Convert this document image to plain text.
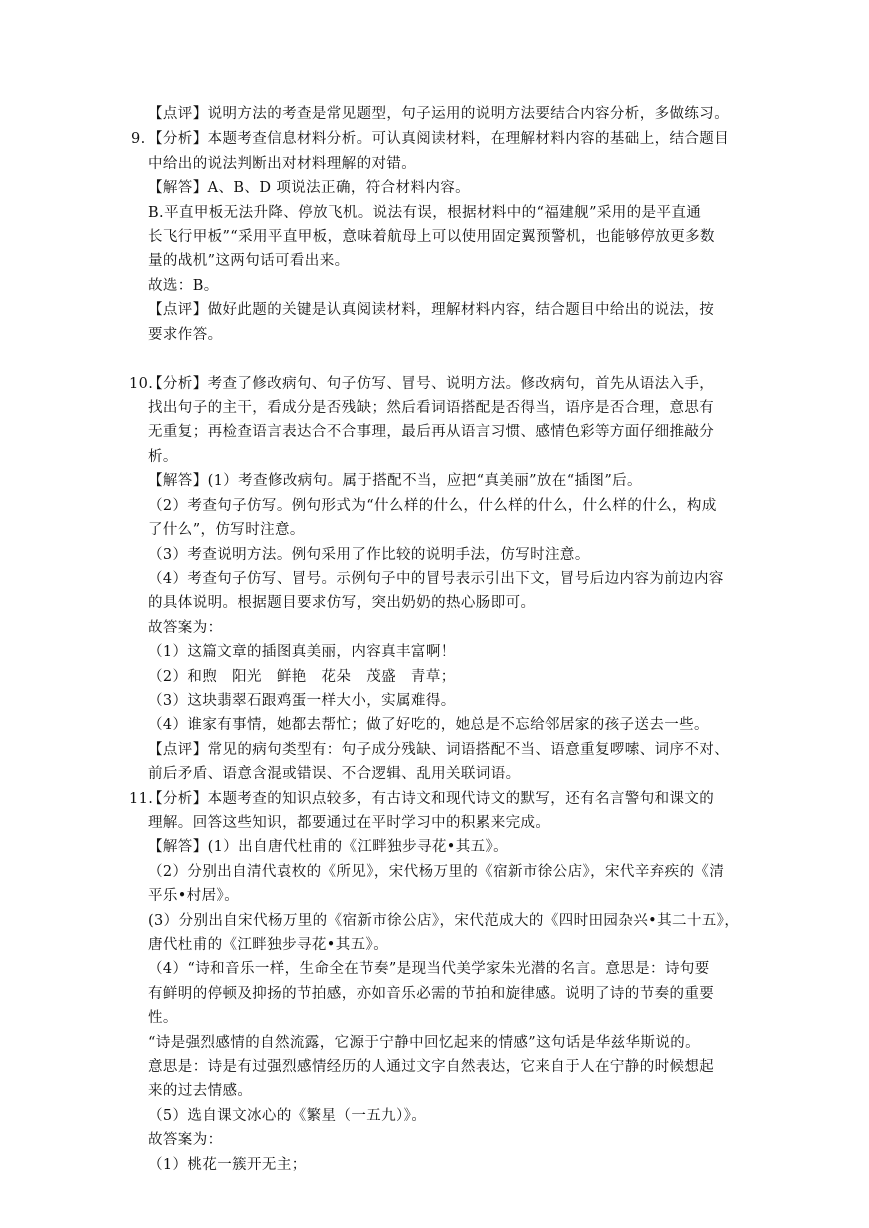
【点评】说明方法的考查是常见题型，句子运用的说明方法要结合内容分析，多做练习。
9. 【分析】本题考查信息材料分析。可认真阅读材料，在理解材料内容的基础上，结合题目
中给出的说法判断出对材料理解的对错。
【解答】A、B、D 项说法正确，符合材料内容。
B.平直甲板无法升降、停放飞机。说法有误，根据材料中的“福建舰”采用的是平直通
长飞行甲板”“采用平直甲板，意味着航母上可以使用固定翼预警机，也能够停放更多数
量的战机”这两句话可看出来。
故选：B。
【点评】做好此题的关键是认真阅读材料，理解材料内容，结合题目中给出的说法，按
要求作答。
10.
【分析】考查了修改病句、句子仿写、冒号、说明方法。修改病句，首先从语法入手，
找出句子的主干，看成分是否残缺；然后看词语搭配是否得当，语序是否合理，意思有
无重复；再检查语言表达合不合事理，最后再从语言习惯、感情色彩等方面仔细推敲分
析。
【解答】(1）考查修改病句。属于搭配不当，应把“真美丽”放在“插图”后。
（2）考查句子仿写。例句形式为“什么样的什么，什么样的什么，什么样的什么，构成
了什么”，仿写时注意。
（3）考查说明方法。例句采用了作比较的说明手法，仿写时注意。
（4）考查句子仿写、冒号。示例句子中的冒号表示引出下文，冒号后边内容为前边内容
的具体说明。根据题目要求仿写，突出奶奶的热心肠即可。
故答案为：
（1）这篇文章的插图真美丽，内容真丰富啊！
（2）和煦　阳光　鲜艳　花朵　茂盛　青草；
（3）这块翡翠石跟鸡蛋一样大小，实属难得。
（4）谁家有事情，她都去帮忙；做了好吃的，她总是不忘给邻居家的孩子送去一些。
【点评】常见的病句类型有：句子成分残缺、词语搭配不当、语意重复啰嗦、词序不对、
前后矛盾、语意含混或错误、不合逻辑、乱用关联词语。
11.
【分析】本题考查的知识点较多，有古诗文和现代诗文的默写，还有名言警句和课文的
理解。回答这些知识，都要通过在平时学习中的积累来完成。
【解答】(1）出自唐代杜甫的《江畔独步寻花•其五》。
（2）分别出自清代袁枚的《所见》，宋代杨万里的《宿新市徐公店》，宋代辛弃疾的《清
平乐•村居》。
(3）分别出自宋代杨万里的《宿新市徐公店》，宋代范成大的《四时田园杂兴•其二十五》，
唐代杜甫的《江畔独步寻花•其五》。
（4）“诗和音乐一样，生命全在节奏”是现当代美学家朱光潜的名言。意思是：诗句要
有鲜明的停顿及抑扬的节拍感，亦如音乐必需的节拍和旋律感。说明了诗的节奏的重要
性。
“诗是强烈感情的自然流露，它源于宁静中回忆起来的情感”这句话是华兹华斯说的。
意思是：诗是有过强烈感情经历的人通过文字自然表达，它来自于人在宁静的时候想起
来的过去情感。
（5）选自课文冰心的《繁星（一五九）》。
故答案为：
（1）桃花一簇开无主；
